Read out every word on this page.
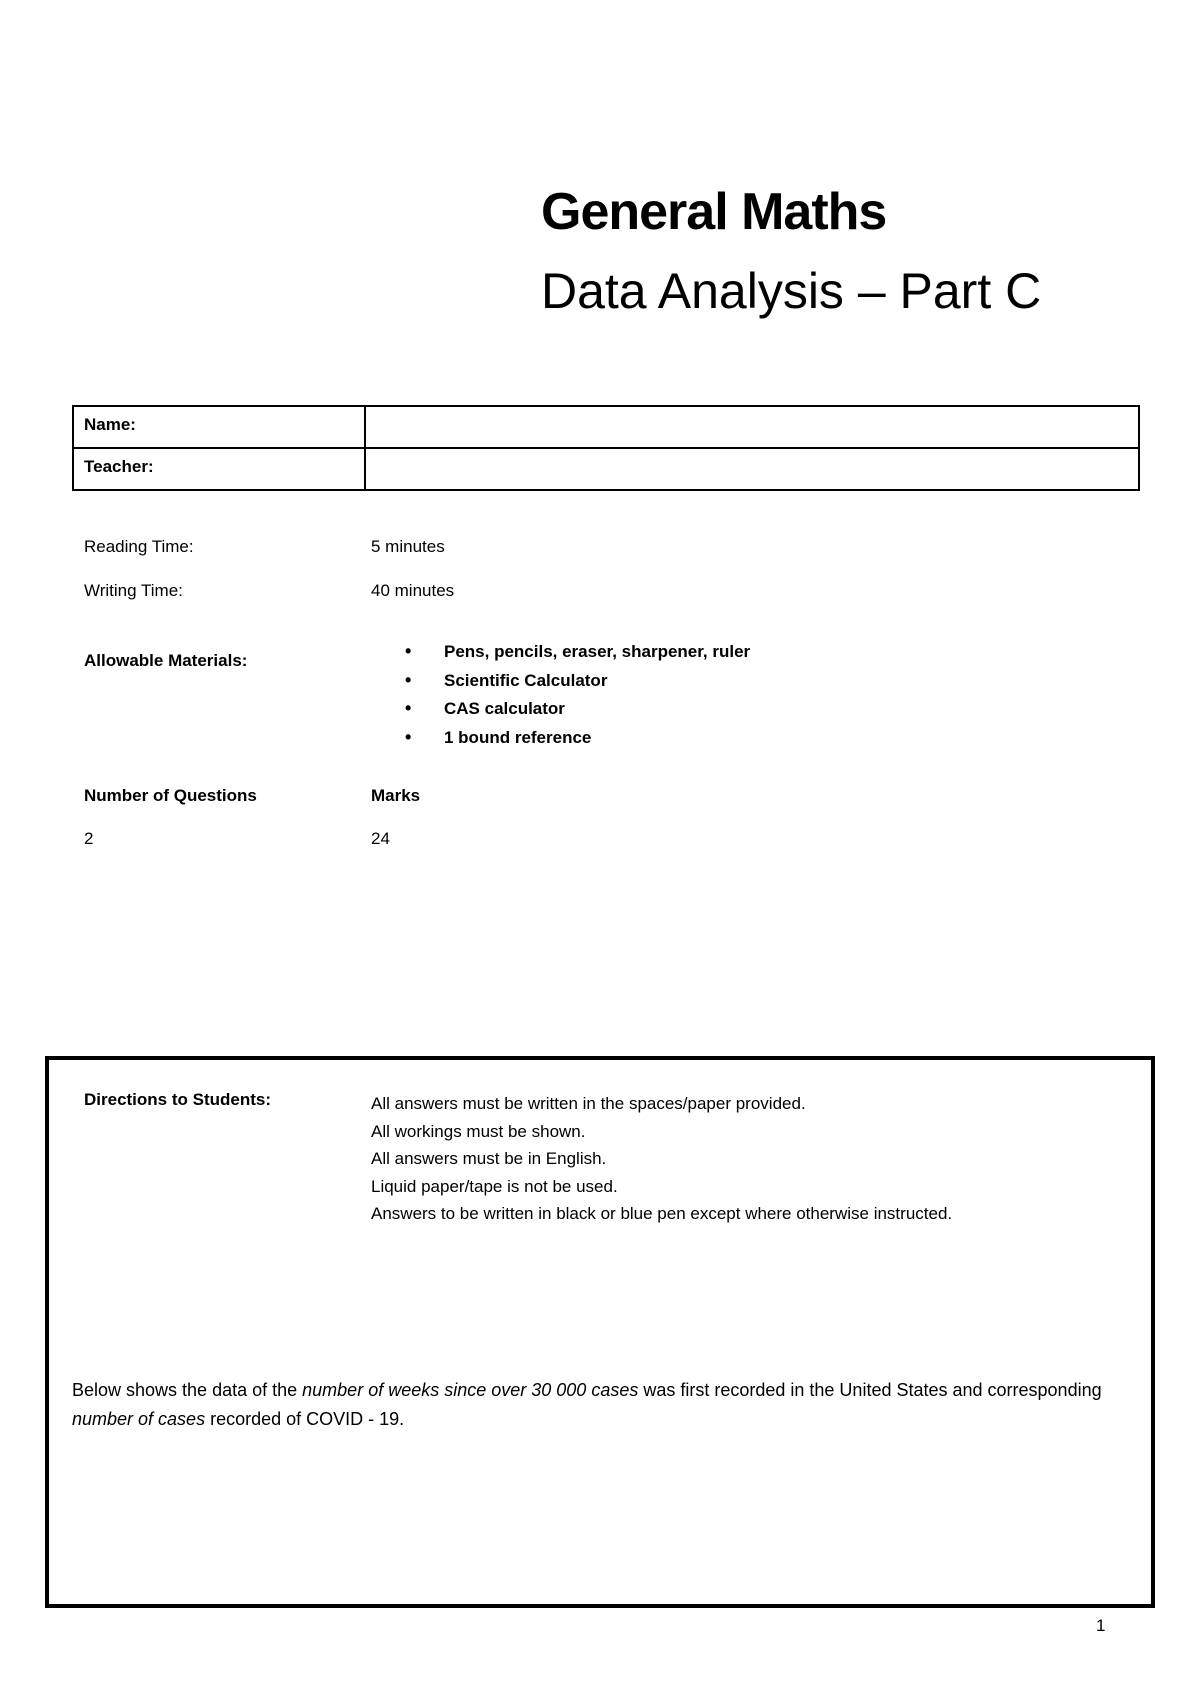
General Maths
Data Analysis – Part C
Name:	
Teacher:	
Reading Time:	5 minutes
Writing Time:	40 minutes
Allowable Materials:
•	Pens, pencils, eraser, sharpener, ruler
• Scientific Calculator
• CAS calculator
• 1 bound reference
Number of Questions	Marks
2	24
Directions to Students:	All answers must be written in the spaces/paper provided.
All workings must be shown.
All answers must be in English.
Liquid paper/tape is not be used.
Answers to be written in black or blue pen except where otherwise instructed.
Below shows the data of the number of weeks since over 30 000 cases was first recorded in the United States and corresponding number of cases recorded of COVID - 19.
1
